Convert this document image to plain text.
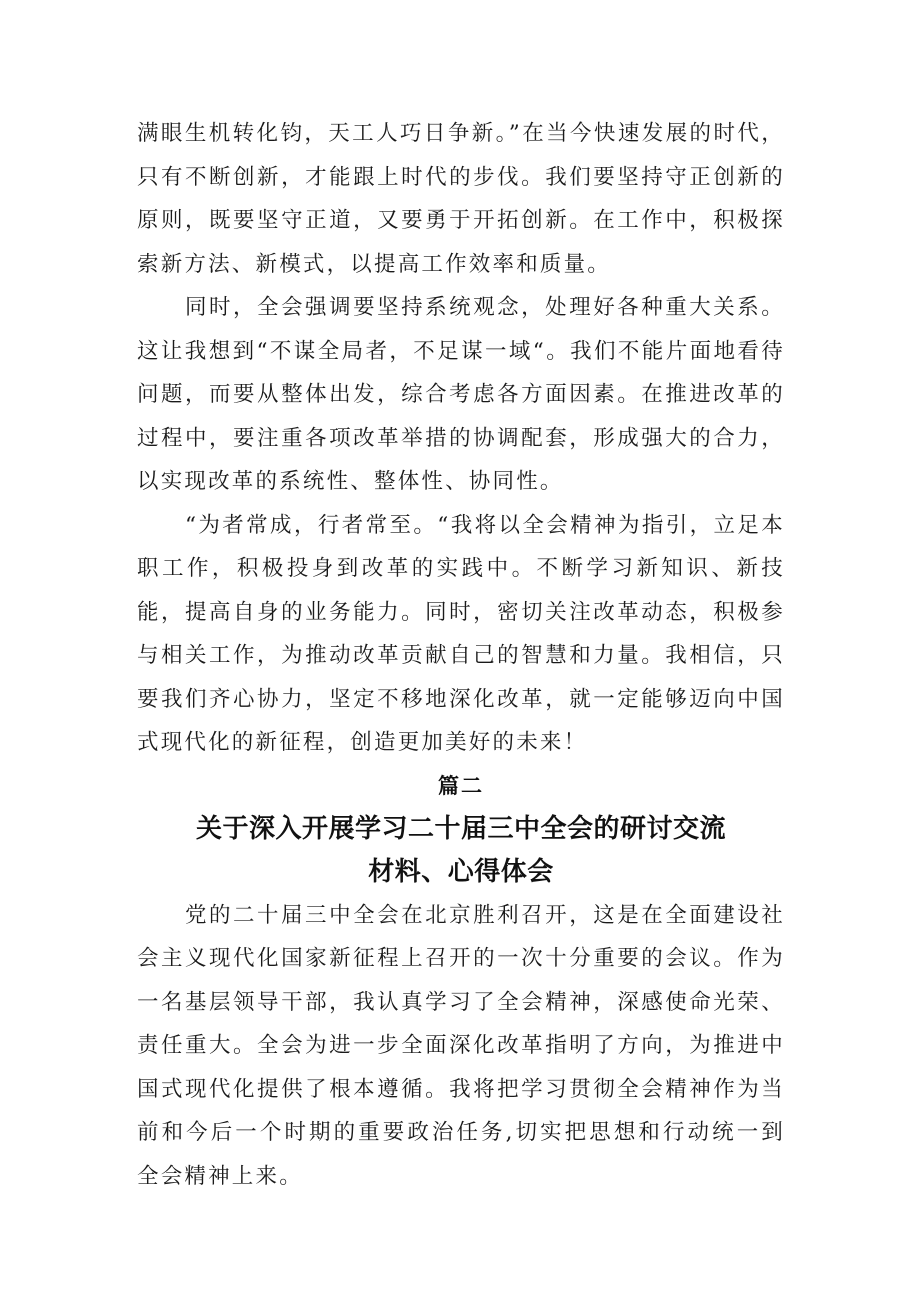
满眼生机转化钧，天工人巧日争新。”在当今快速发展的时代，只有不断创新，才能跟上时代的步伐。我们要坚持守正创新的原则，既要坚守正道，又要勇于开拓创新。在工作中，积极探索新方法、新模式，以提高工作效率和质量。

同时，全会强调要坚持系统观念，处理好各种重大关系。这让我想到“不谋全局者，不足谋一域“。我们不能片面地看待问题，而要从整体出发，综合考虑各方面因素。在推进改革的过程中，要注重各项改革举措的协调配套，形成强大的合力，以实现改革的系统性、整体性、协同性。

“为者常成，行者常至。“我将以全会精神为指引，立足本职工作，积极投身到改革的实践中。不断学习新知识、新技能，提高自身的业务能力。同时，密切关注改革动态，积极参与相关工作，为推动改革贡献自己的智慧和力量。我相信，只要我们齐心协力，坚定不移地深化改革，就一定能够迈向中国式现代化的新征程，创造更加美好的未来！

篇二

关于深入开展学习二十届三中全会的研讨交流
材料、心得体会

党的二十届三中全会在北京胜利召开，这是在全面建设社会主义现代化国家新征程上召开的一次十分重要的会议。作为一名基层领导干部，我认真学习了全会精神，深感使命光荣、责任重大。全会为进一步全面深化改革指明了方向，为推进中国式现代化提供了根本遵循。我将把学习贯彻全会精神作为当前和今后一个时期的重要政治任务,切实把思想和行动统一到全会精神上来。
